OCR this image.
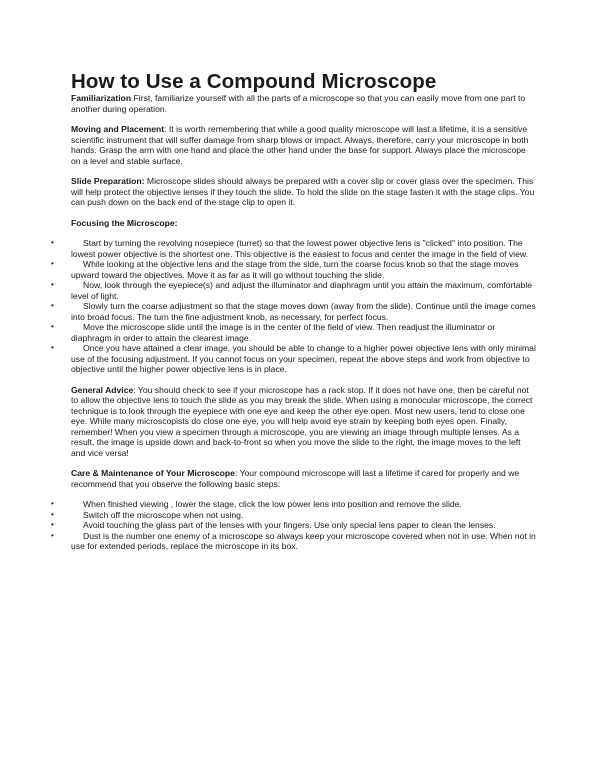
How to Use a Compound Microscope

Familiarization First, familiarize yourself with all the parts of a microscope so that you can easily move from one part to another during operation.

Moving and Placement: It is worth remembering that while a good quality microscope will last a lifetime, it is a sensitive scientific instrument that will suffer damage from sharp blows or impact. Always, therefore, carry your microscope in both hands. Grasp the arm with one hand and place the other hand under the base for support. Always place the microscope on a level and stable surface.

Slide Preparation: Microscope slides should always be prepared with a cover slip or cover glass over the specimen. This will help protect the objective lenses if they touch the slide. To hold the slide on the stage fasten it with the stage clips. You can push down on the back end of the stage clip to open it.

Focusing the Microscope:

•	Start by turning the revolving nosepiece (turret) so that the lowest power objective lens is "clicked" into position. The lowest power objective is the shortest one. This objective is the easiest to focus and center the image in the field of view.
•	While looking at the objective lens and the stage from the side, turn the coarse focus knob so that the stage moves upward toward the objectives. Move it as far as it will go without touching the slide.
•	Now, look through the eyepiece(s) and adjust the illuminator and diaphragm until you attain the maximum, comfortable level of light.
•	Slowly turn the coarse adjustment so that the stage moves down (away from the slide). Continue until the image comes into broad focus. The turn the fine adjustment knob, as necessary, for perfect focus.
•	Move the microscope slide until the image is in the center of the field of view. Then readjust the illuminator or diaphragm in order to attain the clearest image.
•	Once you have attained a clear image, you should be able to change to a higher power objective lens with only minimal use of the focusing adjustment. If you cannot focus on your specimen, repeat the above steps and work from objective to objective until the higher power objective lens is in place.

General Advice: You should check to see if your microscope has a rack stop. If it does not have one, then be careful not to allow the objective lens to touch the slide as you may break the slide. When using a monocular microscope, the correct technique is to look through the eyepiece with one eye and keep the other eye open. Most new users, tend to close one eye. While many microscopists do close one eye, you will help avoid eye strain by keeping both eyes open. Finally, remember! When you view a specimen through a microscope, you are viewing an image through multiple lenses. As a result, the image is upside down and back-to-front so when you move the slide to the right, the image moves to the left and vice versa!

Care & Maintenance of Your Microscope: Your compound microscope will last a lifetime if cared for properly and we recommend that you observe the following basic steps:

•	When finished viewing , lower the stage, click the low power lens into position and remove the slide.
•	Switch off the microscope when not using.
•	Avoid touching the glass part of the lenses with your fingers. Use only special lens paper to clean the lenses.
•	Dust is the number one enemy of a microscope so always keep your microscope covered when not in use. When not in use for extended periods, replace the microscope in its box.
